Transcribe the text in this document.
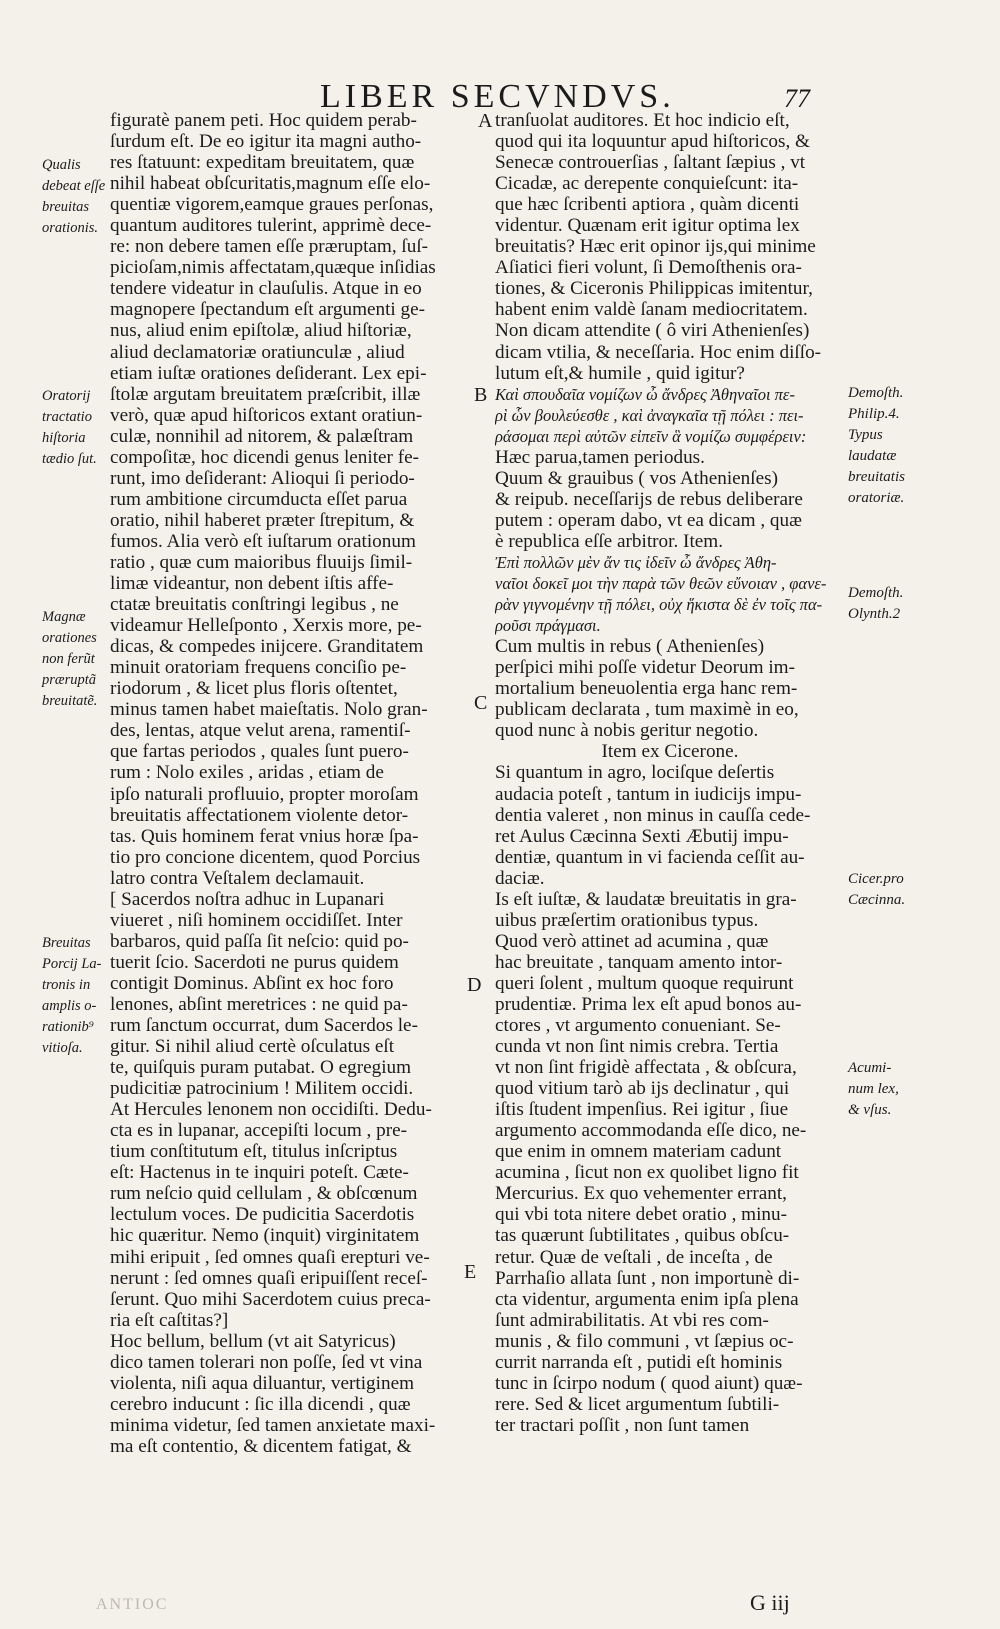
LIBER SECVNDVS.	77
figuratè panem peti. Hoc quidem perab-
ſurdum eſt. De eo igitur ita magni autho-
res ſtatuunt: expeditam breuitatem, quæ
nihil habeat obſcuritatis,magnum eſſe elo-
quentiæ vigorem,eamque graues perſonas,
quantum auditores tulerint, apprimè dece-
re: non debere tamen eſſe præruptam, ſuſ-
picioſam,nimis affectatam,quæque inſidias
tendere videatur in clauſulis. Atque in eo
magnopere ſpectandum eſt argumenti ge-
nus, aliud enim epiſtolæ, aliud hiſtoriæ,
aliud declamatoriæ oratiunculæ , aliud
etiam iuſtæ orationes deſiderant. Lex epi-
ſtolæ argutam breuitatem præſcribit, illæ
verò, quæ apud hiſtoricos extant oratiun-
culæ, nonnihil ad nitorem, & palæſtram
compoſitæ, hoc dicendi genus leniter fe-
runt, imo deſiderant: Alioqui ſi periodo-
rum ambitione circumducta eſſet parua
oratio, nihil haberet præter ſtrepitum, &
fumos. Alia verò eſt iuſtarum orationum
ratio , quæ cum maioribus fluuijs ſimil-
limæ videantur, non debent iſtis affe-
ctatæ breuitatis conſtringi legibus , ne
videamur Helleſponto , Xerxis more, pe-
dicas, & compedes inijcere. Granditatem
minuit oratoriam frequens conciſio pe-
riodorum , & licet plus floris oſtentet,
minus tamen habet maieſtatis. Nolo gran-
des, lentas, atque velut arena, ramentiſ-
que fartas periodos , quales ſunt puero-
rum : Nolo exiles , aridas , etiam de
ipſo naturali profluuio, propter moroſam
breuitatis affectationem violente detor-
tas. Quis hominem ferat vnius horæ ſpa-
tio pro concione dicentem, quod Porcius
latro contra Veſtalem declamauit.
[ Sacerdos noſtra adhuc in Lupanari
viueret , niſi hominem occidiſſet. Inter
barbaros, quid paſſa ſit neſcio: quid po-
tuerit ſcio. Sacerdoti ne purus quidem
contigit Dominus. Abſint ex hoc foro
lenones, abſint meretrices : ne quid pa-
rum ſanctum occurrat, dum Sacerdos le-
gitur. Si nihil aliud certè oſculatus eſt
te, quiſquis puram putabat. O egregium
pudicitiæ patrocinium ! Militem occidi.
At Hercules lenonem non occidiſti. Dedu-
cta es in lupanar, accepiſti locum , pre-
tium conſtitutum eſt, titulus inſcriptus
eſt: Hactenus in te inquiri poteſt. Cæte-
rum neſcio quid cellulam , & obſcœnum
lectulum voces. De pudicitia Sacerdotis
hic quæritur. Nemo (inquit) virginitatem
mihi eripuit , ſed omnes quaſi erepturi ve-
nerunt : ſed omnes quaſi eripuiſſent receſ-
ſerunt. Quo mihi Sacerdotem cuius preca-
ria eſt caſtitas?]
Hoc bellum, bellum (vt ait Satyricus)
dico tamen tolerari non poſſe, ſed vt vina
violenta, niſi aqua diluantur, vertiginem
cerebro inducunt : ſic illa dicendi , quæ
minima videtur, ſed tamen anxietate maxi-
ma eſt contentio, & dicentem fatigat, &
tranſuolat auditores. Et hoc indicio eſt,
quod qui ita loquuntur apud hiſtoricos, &
Senecæ controuerſias , ſaltant ſæpius , vt
Cicadæ, ac derepente conquieſcunt: ita-
que hæc ſcribenti aptiora , quàm dicenti
videntur. Quænam erit igitur optima lex
breuitatis? Hæc erit opinor ijs,qui minime
Aſiatici fieri volunt, ſi Demoſthenis ora-
tiones, & Ciceronis Philippicas imitentur,
habent enim valdè ſanam mediocritatem.
Non dicam attendite ( ô viri Athenienſes)
dicam vtilia, & neceſſaria. Hoc enim diſſo-
lutum eſt,& humile , quid igitur?
Καὶ σπουδαῖα νομίζων ὦ ἄνδρες Ἀθηναῖοι πε-
ρὶ ὧν βουλεύεσθε , καὶ ἀναγκαῖα τῇ πόλει : πει-
ράσομαι περὶ αὐτῶν εἰπεῖν ἃ νομίζω συμφέρειν:
Hæc parua,tamen periodus.
Quum & grauibus ( vos Athenienſes)
& reipub. neceſſarijs de rebus deliberare
putem : operam dabo, vt ea dicam , quæ
è republica eſſe arbitror. Item.
Ἐπὶ πολλῶν μὲν ἄν τις ἰδεῖν ὦ ἄνδρες Ἀθη-
ναῖοι δοκεῖ μοι τὴν παρὰ τῶν θεῶν εὔνοιαν , φανε-
ρὰν γιγνομένην τῇ πόλει, οὐχ ἥκιστα δὲ ἐν τοῖς πα-
ροῦσι πράγμασι.
Cum multis in rebus ( Athenienſes)
perſpici mihi poſſe videtur Deorum im-
mortalium beneuolentia erga hanc rem-
publicam declarata , tum maximè in eo,
quod nunc à nobis geritur negotio.
Item ex Cicerone.
Si quantum in agro, lociſque deſertis
audacia poteſt , tantum in iudicijs impu-
dentia valeret , non minus in cauſſa cede-
ret Aulus Cæcinna Sexti Æbutij impu-
dentiæ, quantum in vi facienda ceſſit au-
daciæ.
Is eſt iuſtæ, & laudatæ breuitatis in gra-
uibus præſertim orationibus typus.
Quod verò attinet ad acumina , quæ
hac breuitate , tanquam amento intor-
queri ſolent , multum quoque requirunt
prudentiæ. Prima lex eſt apud bonos au-
ctores , vt argumento conueniant. Se-
cunda vt non ſint nimis crebra. Tertia
vt non ſint frigidè affectata , & obſcura,
quod vitium tarò ab ijs declinatur , qui
iſtis ſtudent impenſius. Rei igitur , ſiue
argumento accommodanda eſſe dico, ne-
que enim in omnem materiam cadunt
acumina , ſicut non ex quolibet ligno fit
Mercurius. Ex quo vehementer errant,
qui vbi tota nitere debet oratio , minu-
tas quærunt ſubtilitates , quibus obſcu-
retur. Quæ de veſtali , de inceſta , de
Parrhaſio allata ſunt , non importunè di-
cta videntur, argumenta enim ipſa plena
ſunt admirabilitatis. At vbi res com-
munis , & filo communi , vt ſæpius oc-
currit narranda eſt , putidi eſt hominis
tunc in ſcirpo nodum ( quod aiunt) quæ-
rere. Sed & licet argumentum ſubtili-
ter tractari poſſit , non ſunt tamen
Qualis
debeat eſſe
breuitas
orationis.
Oratorij
tractatio
hiſtoria
tædio ſut.
Magnæ
orationes
non ferũt
præruptã
breuitatẽ.
Breuitas
Porcij La-
tronis in
amplis o-
rationib⁹
vitioſa.
Demoſth.
Philip.4.
Typus
laudatæ
breuitatis
oratoriæ.
Demoſth.
Olynth.2
Cicer.pro
Cæcinna.
Acumi-
num lex,
& vſus.
A
B
C
D
E
G iij
ANTIOC
